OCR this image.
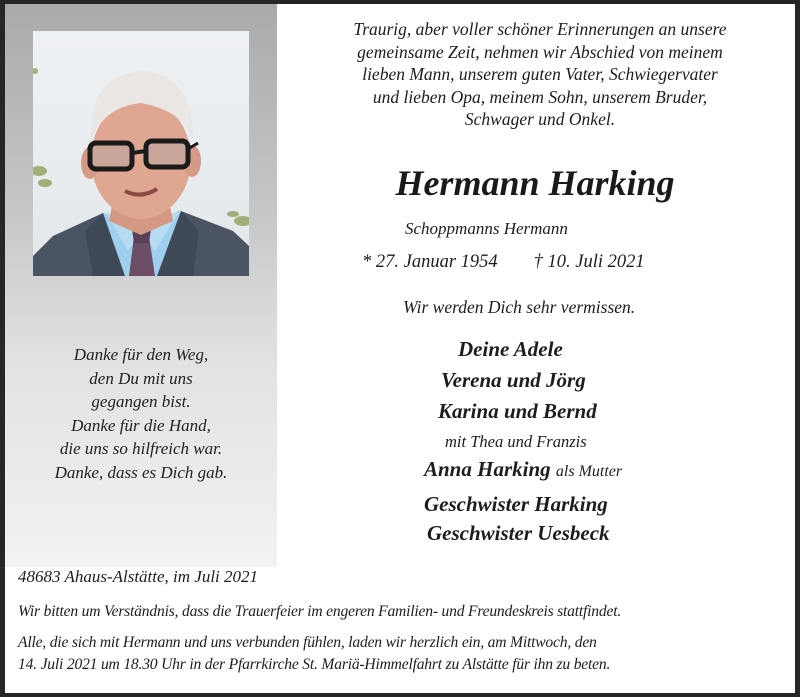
Danke für den Weg,
den Du mit uns
gegangen bist.
Danke für die Hand,
die uns so hilfreich war.
Danke, dass es Dich gab.
Traurig, aber voller schöner Erinnerungen an unsere
gemeinsame Zeit, nehmen wir Abschied von meinem
lieben Mann, unserem guten Vater, Schwiegervater
und lieben Opa, meinem Sohn, unserem Bruder,
Schwager und Onkel.
Hermann Harking
Schoppmanns Hermann
* 27. Januar 1954 † 10. Juli 2021
Wir werden Dich sehr vermissen.
Deine Adele
Verena und Jörg
Karina und Bernd
mit Thea und Franzis
Anna Harking als Mutter
Geschwister Harking
Geschwister Uesbeck
48683 Ahaus-Alstätte, im Juli 2021
Wir bitten um Verständnis, dass die Trauerfeier im engeren Familien- und Freundeskreis stattfindet.
Alle, die sich mit Hermann und uns verbunden fühlen, laden wir herzlich ein, am Mittwoch, den
14. Juli 2021 um 18.30 Uhr in der Pfarrkirche St. Mariä-Himmelfahrt zu Alstätte für ihn zu beten.
